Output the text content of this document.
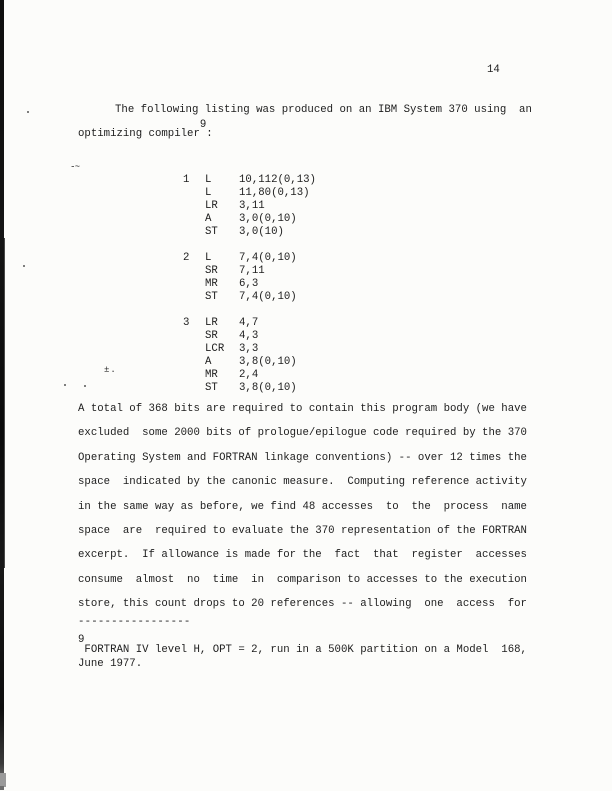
-~
±.
14
The following listing was produced on an IBM System 370 using  an
optimizing compiler$^9$:
1	L	10,112(0,13)
L	11,80(0,13)
LR	3,11
A	3,0(0,10)
ST	3,0(10)
2	L	7,4(0,10)
SR	7,11
MR	6,3
ST	7,4(0,10)
3	LR	4,7
SR	4,3
LCR	3,3
A	3,8(0,10)
MR	2,4
ST	3,8(0,10)
A total of 368 bits are required to contain this program body (we have
excluded  some 2000 bits of prologue/epilogue code required by the 370
Operating System and FORTRAN linkage conventions) -- over 12 times the
space  indicated by the canonic measure.  Computing reference activity
in the same way as before, we find 48 accesses  to  the  process  name
space  are  required to evaluate the 370 representation of the FORTRAN
excerpt.  If allowance is made for the  fact  that  register  accesses
consume  almost  no  time  in  comparison to accesses to the execution
store, this count drops to 20 references -- allowing  one  access  for
-----------------
$^9$FORTRAN IV level H, OPT = 2, run in a 500K partition on a Model  168,
June 1977.
